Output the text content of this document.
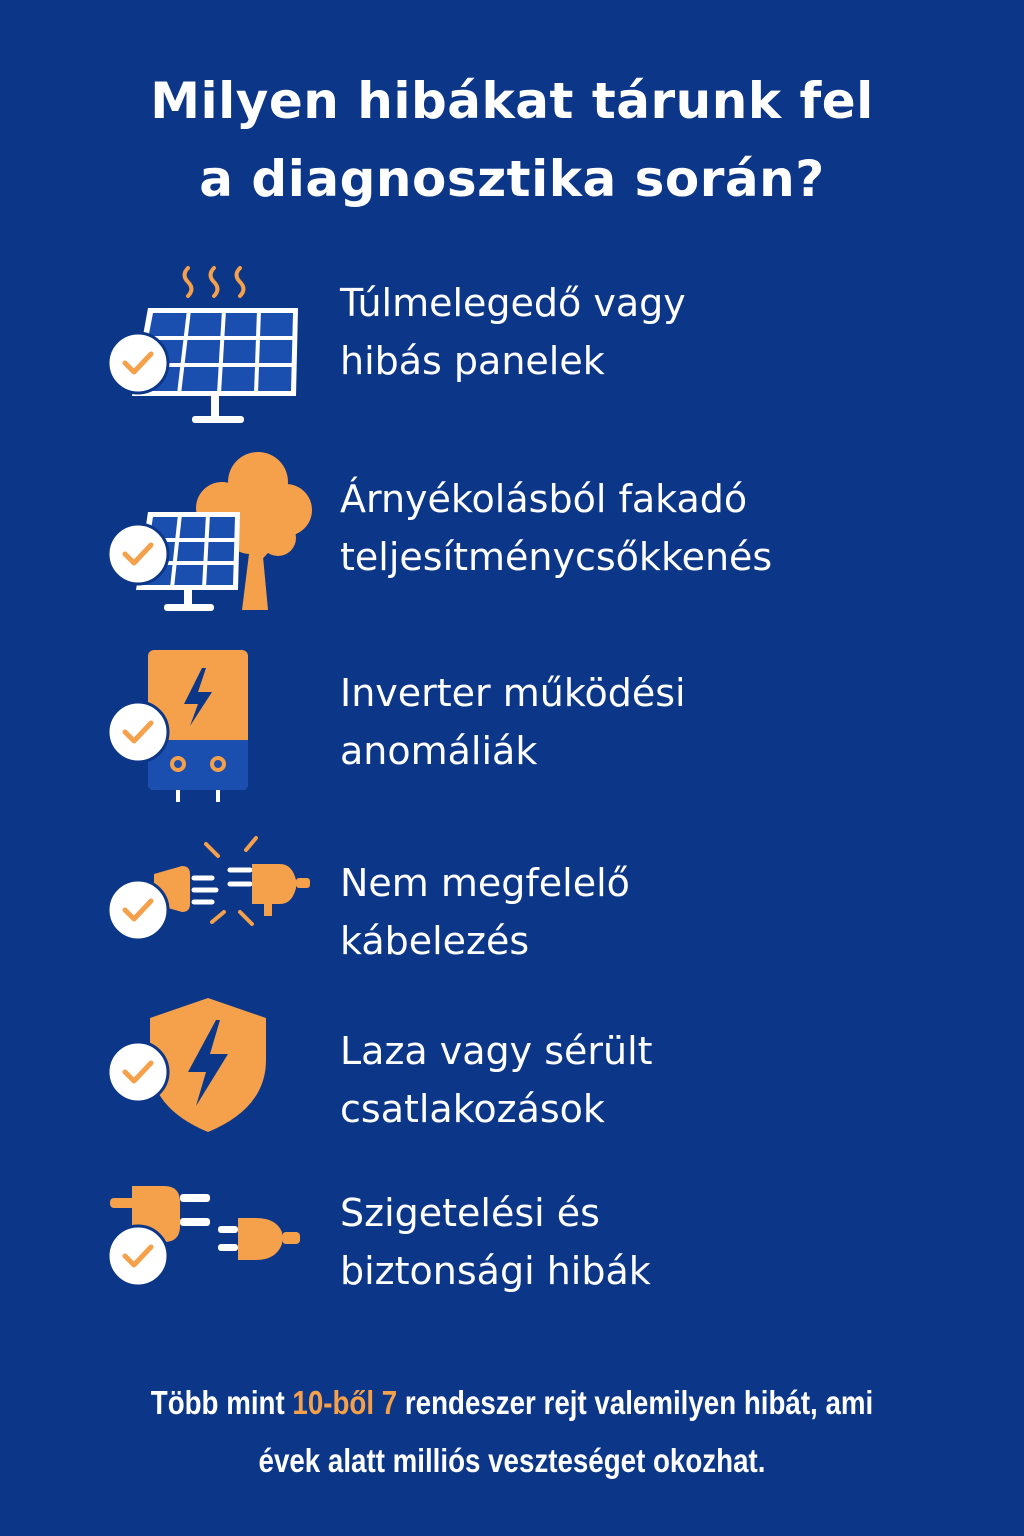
Milyen hibákat tárunk fel
a diagnosztika során?
Túlmelegedő vagy
hibás panelek
Árnyékolásból fakadó
teljesítménycsőkkenés
Inverter működési
anomáliák
Nem megfelelő
kábelezés
Laza vagy sérült
csatlakozások
Szigetelési és
biztonsági hibák
Több mint 10-ből 7 rendeszer rejt valemilyen hibát, ami
évek alatt milliós veszteséget okozhat.
